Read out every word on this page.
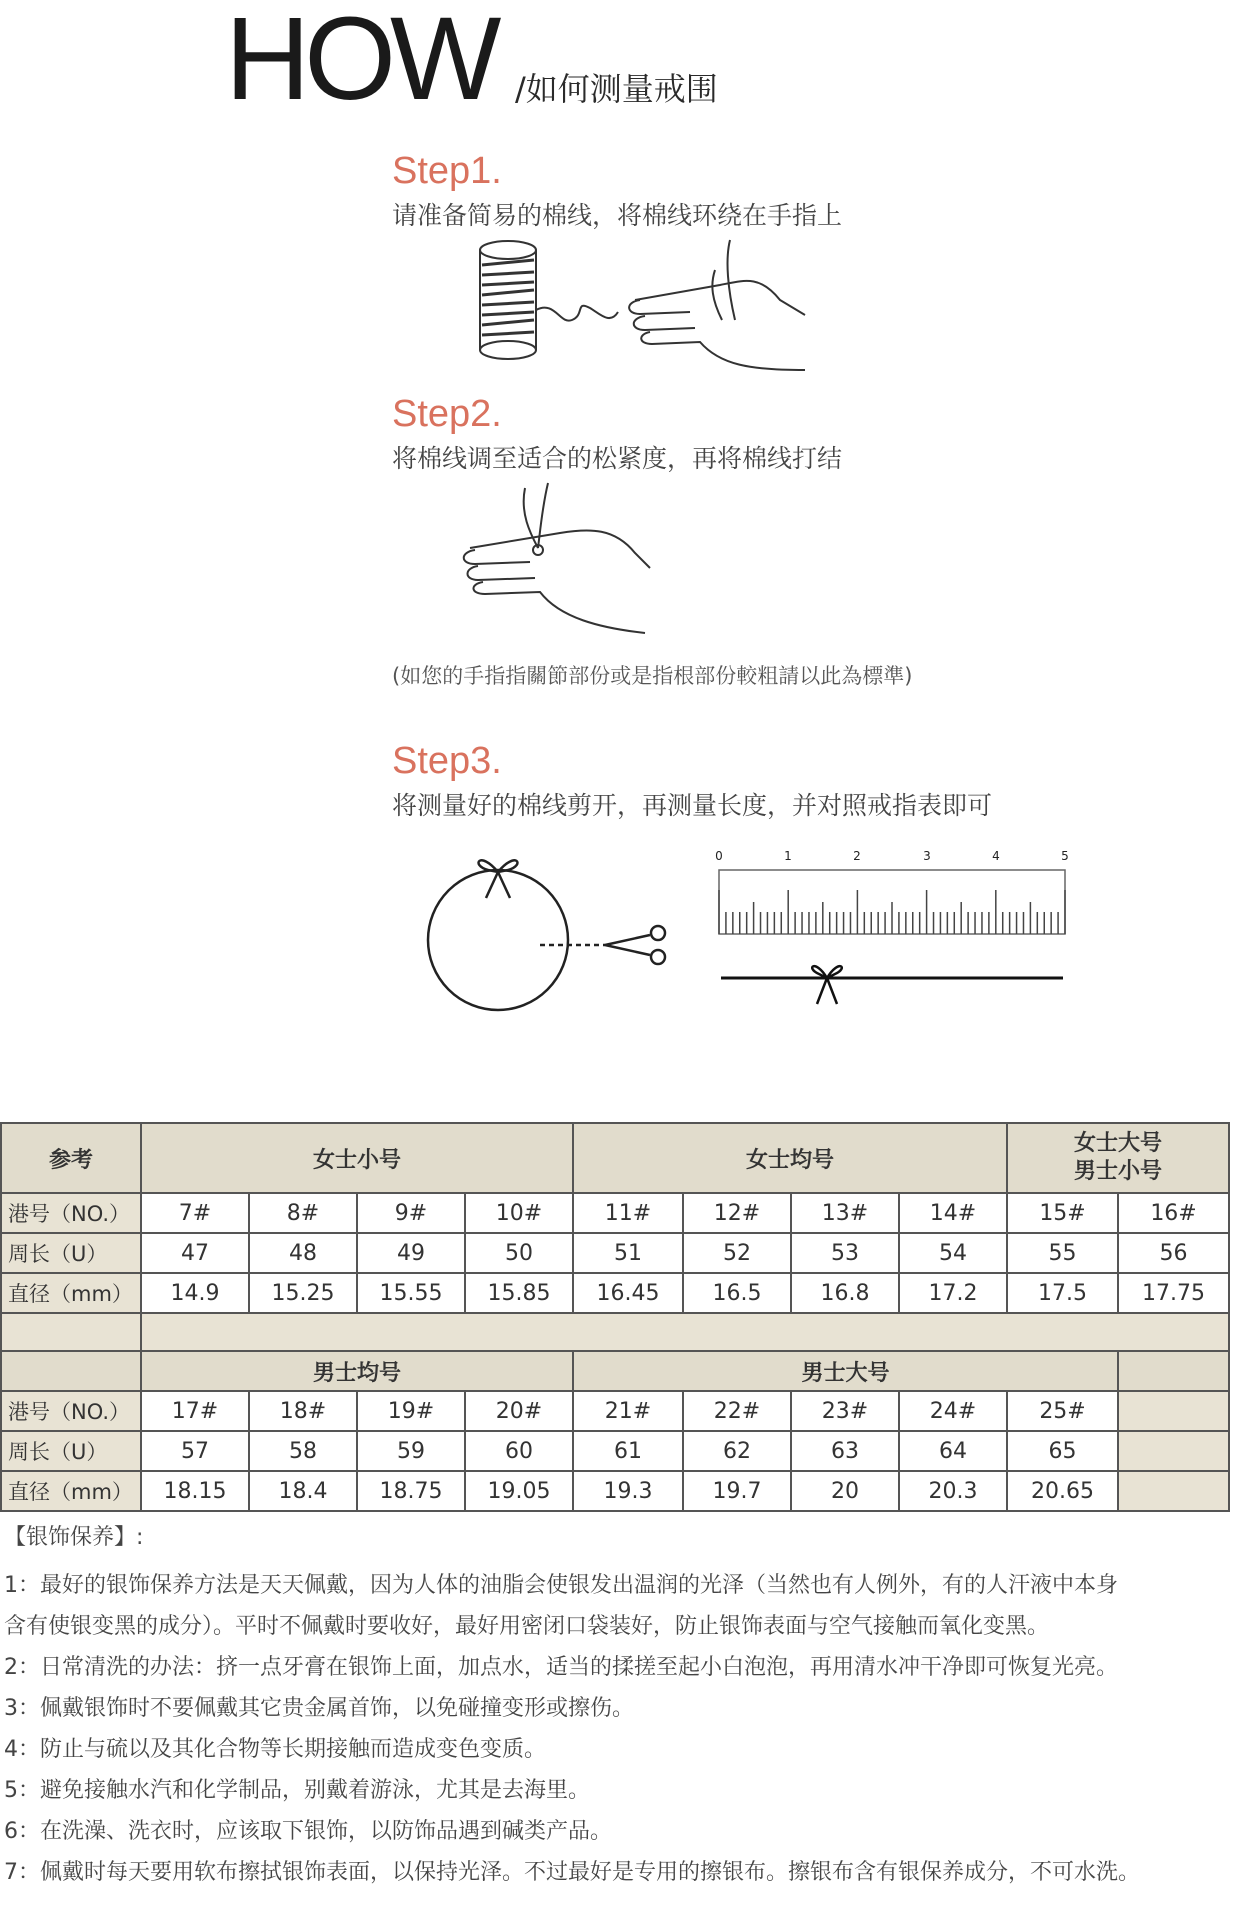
HOW /如何测量戒围
Step1.
请准备简易的棉线，将棉线环绕在手指上
Step2.
将棉线调至适合的松紧度，再将棉线打结
(如您的手指指關節部份或是指根部份較粗請以此為標準)
Step3.
将测量好的棉线剪开，再测量长度，并对照戒指表即可
0	1	2	3	4	5
参考	女士小号				女士均号				女士大号
男士小号	
港号（NO.）	7#	8#	9#	10#	11#	12#	13#	14#	15#	16#
周长（U）	47	48	49	50	51	52	53	54	55	56
直径（mm）	14.9	15.25	15.55	15.85	16.45	16.5	16.8	17.2	17.5	17.75

	男士均号				男士大号					
港号（NO.）	17#	18#	19#	20#	21#	22#	23#	24#	25#	
周长（U）	57	58	59	60	61	62	63	64	65	
直径（mm）	18.15	18.4	18.75	19.05	19.3	19.7	20	20.3	20.65	
【银饰保养】:
1：最好的银饰保养方法是天天佩戴，因为人体的油脂会使银发出温润的光泽（当然也有人例外，有的人汗液中本身
含有使银变黑的成分）。平时不佩戴时要收好，最好用密闭口袋装好，防止银饰表面与空气接触而氧化变黑。
2：日常清洗的办法：挤一点牙膏在银饰上面，加点水，适当的揉搓至起小白泡泡，再用清水冲干净即可恢复光亮。
3：佩戴银饰时不要佩戴其它贵金属首饰，以免碰撞变形或擦伤。
4：防止与硫以及其化合物等长期接触而造成变色变质。
5：避免接触水汽和化学制品，别戴着游泳，尤其是去海里。
6：在洗澡、洗衣时，应该取下银饰，以防饰品遇到碱类产品。
7：佩戴时每天要用软布擦拭银饰表面，以保持光泽。不过最好是专用的擦银布。擦银布含有银保养成分，不可水洗。
